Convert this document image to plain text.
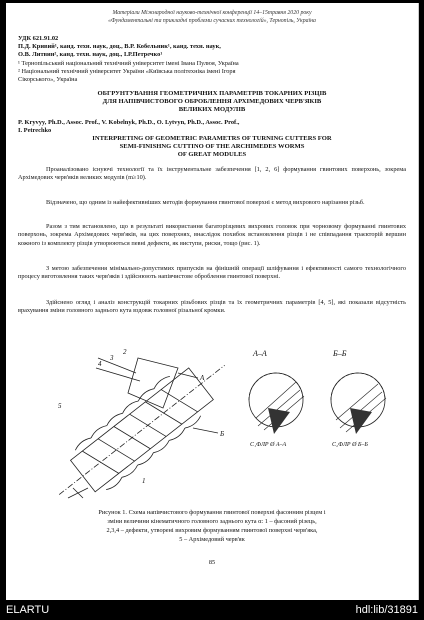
Матеріали Міжнародної науково-технічної конференції 14–15травня 2020 року
«Фундаментальні та прикладні проблеми сучасних технологій», Тернопіль, Україна
УДК 621.91.02
П.Д. Кривий¹, канд. техн. наук, доц., В.Р. Кобельник¹, канд. техн. наук,
О.В. Литвин², канд. техн. наук, доц., І.Р.Петречко¹
¹ Тернопільський національний технічний університет імені Івана Пулюя, Україна
² Національний технічний університет України «Київська політехніка імені Ігоря
Сікорського», Україна
ОБГРУНТУВАННЯ ГЕОМЕТРИЧНИХ ПАРАМЕТРІВ ТОКАРНИХ РІЗЦІВ
ДЛЯ НАПІВЧИСТОВОГО ОБРОБЛЕННЯ АРХІМЕДОВИХ ЧЕРВ'ЯКІВ
ВЕЛИКИХ МОДУЛІВ
P. Kryvyy, Ph.D., Assoc. Prof., V. Kobelnyk, Ph.D., O. Lytvyn, Ph.D., Assoc. Prof.,
I. Petrechko
INTERPRETING OF GEOMETRIC PARAMETRS OF TURNING CUTTERS FOR
SEMI-FINISHNG CUTTINO OF THE ARCHIMEDES WORMS
OF GREAT MODULES
Проаналізовано існуючі технології та їх інструментальне забезпечення [1, 2, 6] формування гвинтових поверхонь, зокрема Архімедових черв'яків великих модулів (m≥10).
Відзначено, що одним із найефективніших методів формування гвинтової поверхні є метод вихрового нарізання різьб.
Разом з тим встановлено, що в результаті використання багаторізцевих вихрових головок при чорновому формуванні гвинтових поверхонь, зокрема Архімедових черв'яків, на цих поверхнях, внаслідок похибок встановлення різців і не співпадання траєкторій вершин кожного із комплекту різців утворюються певні дефекти, як виступи, риски, тощо (рис. 1).
З метою забезпечення мінімально-допустимих припусків на фінішній операції шліфування і ефективності самого технологічного процесу виготовлення таких черв'яків і здійснюють напівчистове оброблення гвинтової поверхні.
Здійснено огляд і аналіз конструкцій токарних різьбових різців та їх геометричних параметрів [4, 5], які показали відсутність врахування зміни головного заднього кута вздовж головної різальної кромки.
1
2
3
4
5
A
Б
А–А
С₁ФЛР Ø А–А
Б–Б
С₂ФЛР Ø Б–Б
Рисунок 1. Схема напівчистового формування гвинтової поверхні фасонним різцем і
зміни величини кінематичного головного заднього кута α: 1 – фасоний різець,
2,3,4 – дефекти, утворені вихровим формуванням гвинтової поверхні черв'яка,
5 – Архімедовий черв'як
85
ELARTU	hdl:lib/31891
